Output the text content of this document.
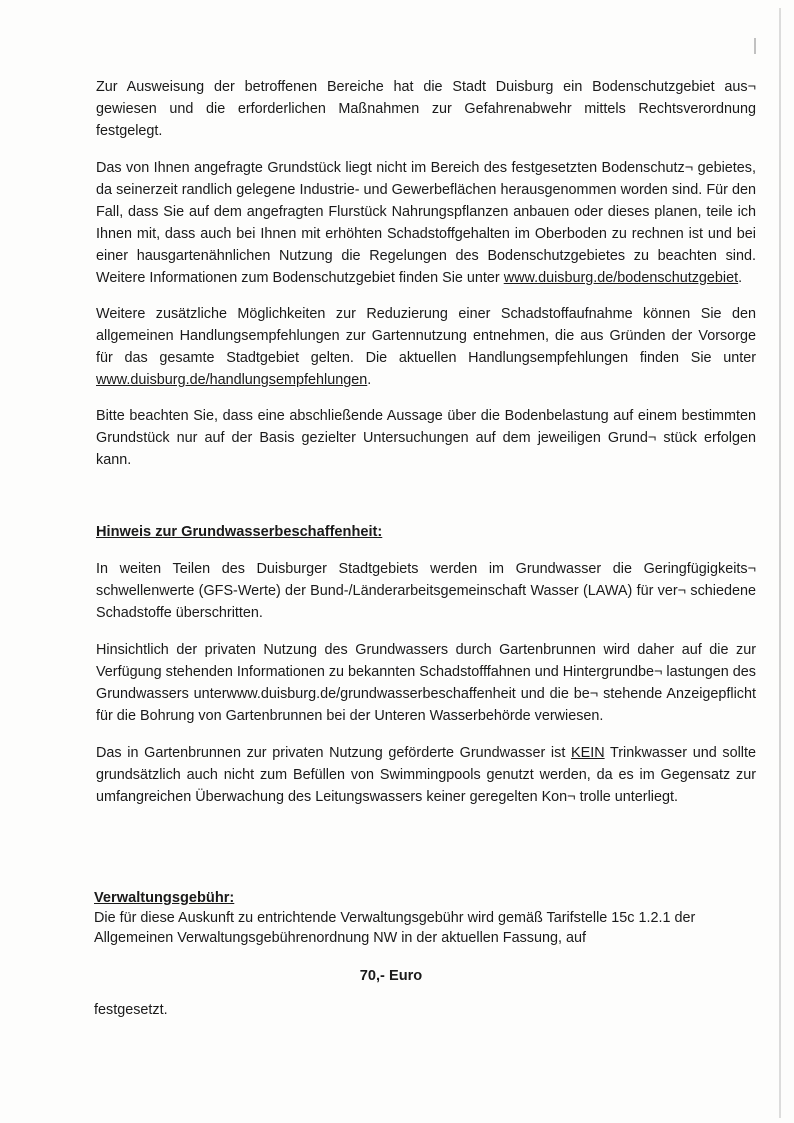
Zur Ausweisung der betroffenen Bereiche hat die Stadt Duisburg ein Bodenschutzgebiet aus¬ gewiesen und die erforderlichen Maßnahmen zur Gefahrenabwehr mittels Rechtsverordnung festgelegt.

Das von Ihnen angefragte Grundstück liegt nicht im Bereich des festgesetzten Bodenschutz¬ gebietes, da seinerzeit randlich gelegene Industrie- und Gewerbeflächen herausgenommen worden sind. Für den Fall, dass Sie auf dem angefragten Flurstück Nahrungspflanzen anbauen oder dieses planen, teile ich Ihnen mit, dass auch bei Ihnen mit erhöhten Schadstoffgehalten im Oberboden zu rechnen ist und bei einer hausgartenähnlichen Nutzung die Regelungen des Bodenschutzgebietes zu beachten sind. Weitere Informationen zum Bodenschutzgebiet finden Sie unter www.duisburg.de/bodenschutzgebiet.

Weitere zusätzliche Möglichkeiten zur Reduzierung einer Schadstoffaufnahme können Sie den allgemeinen Handlungsempfehlungen zur Gartennutzung entnehmen, die aus Gründen der Vorsorge für das gesamte Stadtgebiet gelten. Die aktuellen Handlungsempfehlungen finden Sie unter www.duisburg.de/handlungsempfehlungen.

Bitte beachten Sie, dass eine abschließende Aussage über die Bodenbelastung auf einem bestimmten Grundstück nur auf der Basis gezielter Untersuchungen auf dem jeweiligen Grund¬ stück erfolgen kann.

Hinweis zur Grundwasserbeschaffenheit:

In weiten Teilen des Duisburger Stadtgebiets werden im Grundwasser die Geringfügigkeits¬ schwellenwerte (GFS-Werte) der Bund-/Länderarbeitsgemeinschaft Wasser (LAWA) für ver¬ schiedene Schadstoffe überschritten.

Hinsichtlich der privaten Nutzung des Grundwassers durch Gartenbrunnen wird daher auf die zur Verfügung stehenden Informationen zu bekannten Schadstofffahnen und Hintergrundbe¬ lastungen des Grundwassers unterwww.duisburg.de/grundwasserbeschaffenheit und die be¬ stehende Anzeigepflicht für die Bohrung von Gartenbrunnen bei der Unteren Wasserbehörde verwiesen.

Das in Gartenbrunnen zur privaten Nutzung geförderte Grundwasser ist KEIN Trinkwasser und sollte grundsätzlich auch nicht zum Befüllen von Swimmingpools genutzt werden, da es im Gegensatz zur umfangreichen Überwachung des Leitungswassers keiner geregelten Kon¬ trolle unterliegt.

Verwaltungsgebühr:
Die für diese Auskunft zu entrichtende Verwaltungsgebühr wird gemäß Tarifstelle 15c 1.2.1 der Allgemeinen Verwaltungsgebührenordnung NW in der aktuellen Fassung, auf
70,- Euro
festgesetzt.
